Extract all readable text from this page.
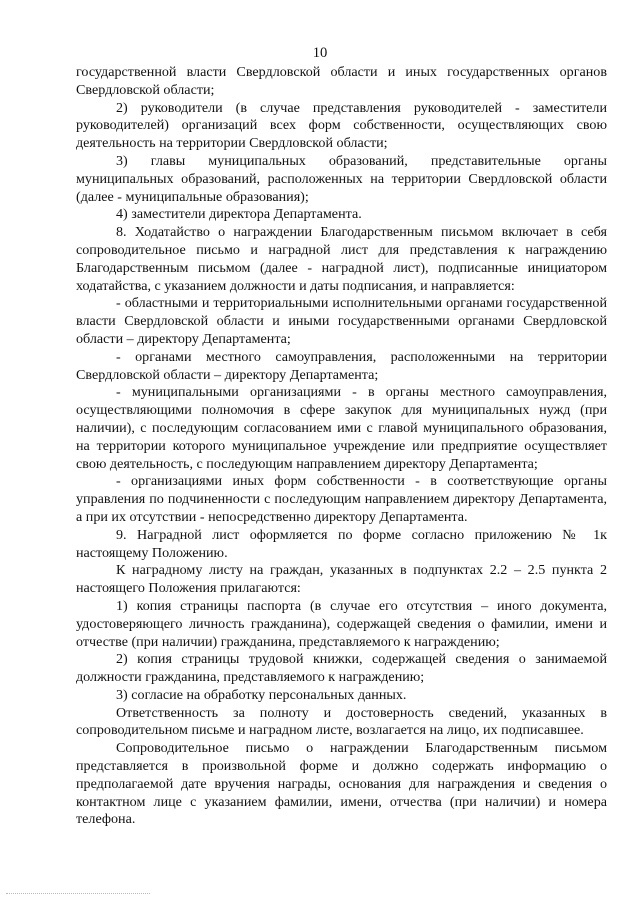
10

государственной власти Свердловской области и иных государственных органов Свердловской области;

2) руководители (в случае представления руководителей - заместители руководителей) организаций всех форм собственности, осуществляющих свою деятельность на территории Свердловской области;

3) главы муниципальных образований, представительные органы муниципальных образований, расположенных на территории Свердловской области (далее - муниципальные образования);

4) заместители директора Департамента.

8. Ходатайство о награждении Благодарственным письмом включает в себя сопроводительное письмо и наградной лист для представления к награждению Благодарственным письмом (далее - наградной лист), подписанные инициатором ходатайства, с указанием должности и даты подписания, и направляется:

- областными и территориальными исполнительными органами государственной власти Свердловской области и иными государственными органами Свердловской области – директору Департамента;

- органами местного самоуправления, расположенными на территории Свердловской области – директору Департамента;

- муниципальными организациями - в органы местного самоуправления, осуществляющими полномочия в сфере закупок для муниципальных нужд (при наличии), с последующим согласованием ими с главой муниципального образования, на территории которого муниципальное учреждение или предприятие осуществляет свою деятельность, с последующим направлением директору Департамента;

- организациями иных форм собственности - в соответствующие органы управления по подчиненности с последующим направлением директору Департамента, а при их отсутствии - непосредственно директору Департамента.

9. Наградной лист оформляется по форме согласно приложению № 1к настоящему Положению.

К наградному листу на граждан, указанных в подпунктах 2.2 – 2.5 пункта 2 настоящего Положения прилагаются:

1) копия страницы паспорта (в случае его отсутствия – иного документа, удостоверяющего личность гражданина), содержащей сведения о фамилии, имени и отчестве (при наличии) гражданина, представляемого к награждению;

2) копия страницы трудовой книжки, содержащей сведения о занимаемой должности гражданина, представляемого к награждению;

3) согласие на обработку персональных данных.

Ответственность за полноту и достоверность сведений, указанных в сопроводительном письме и наградном листе, возлагается на лицо, их подписавшее.

Сопроводительное письмо о награждении Благодарственным письмом представляется в произвольной форме и должно содержать информацию о предполагаемой дате вручения награды, основания для награждения и сведения о контактном лице с указанием фамилии, имени, отчества (при наличии) и номера телефона.
